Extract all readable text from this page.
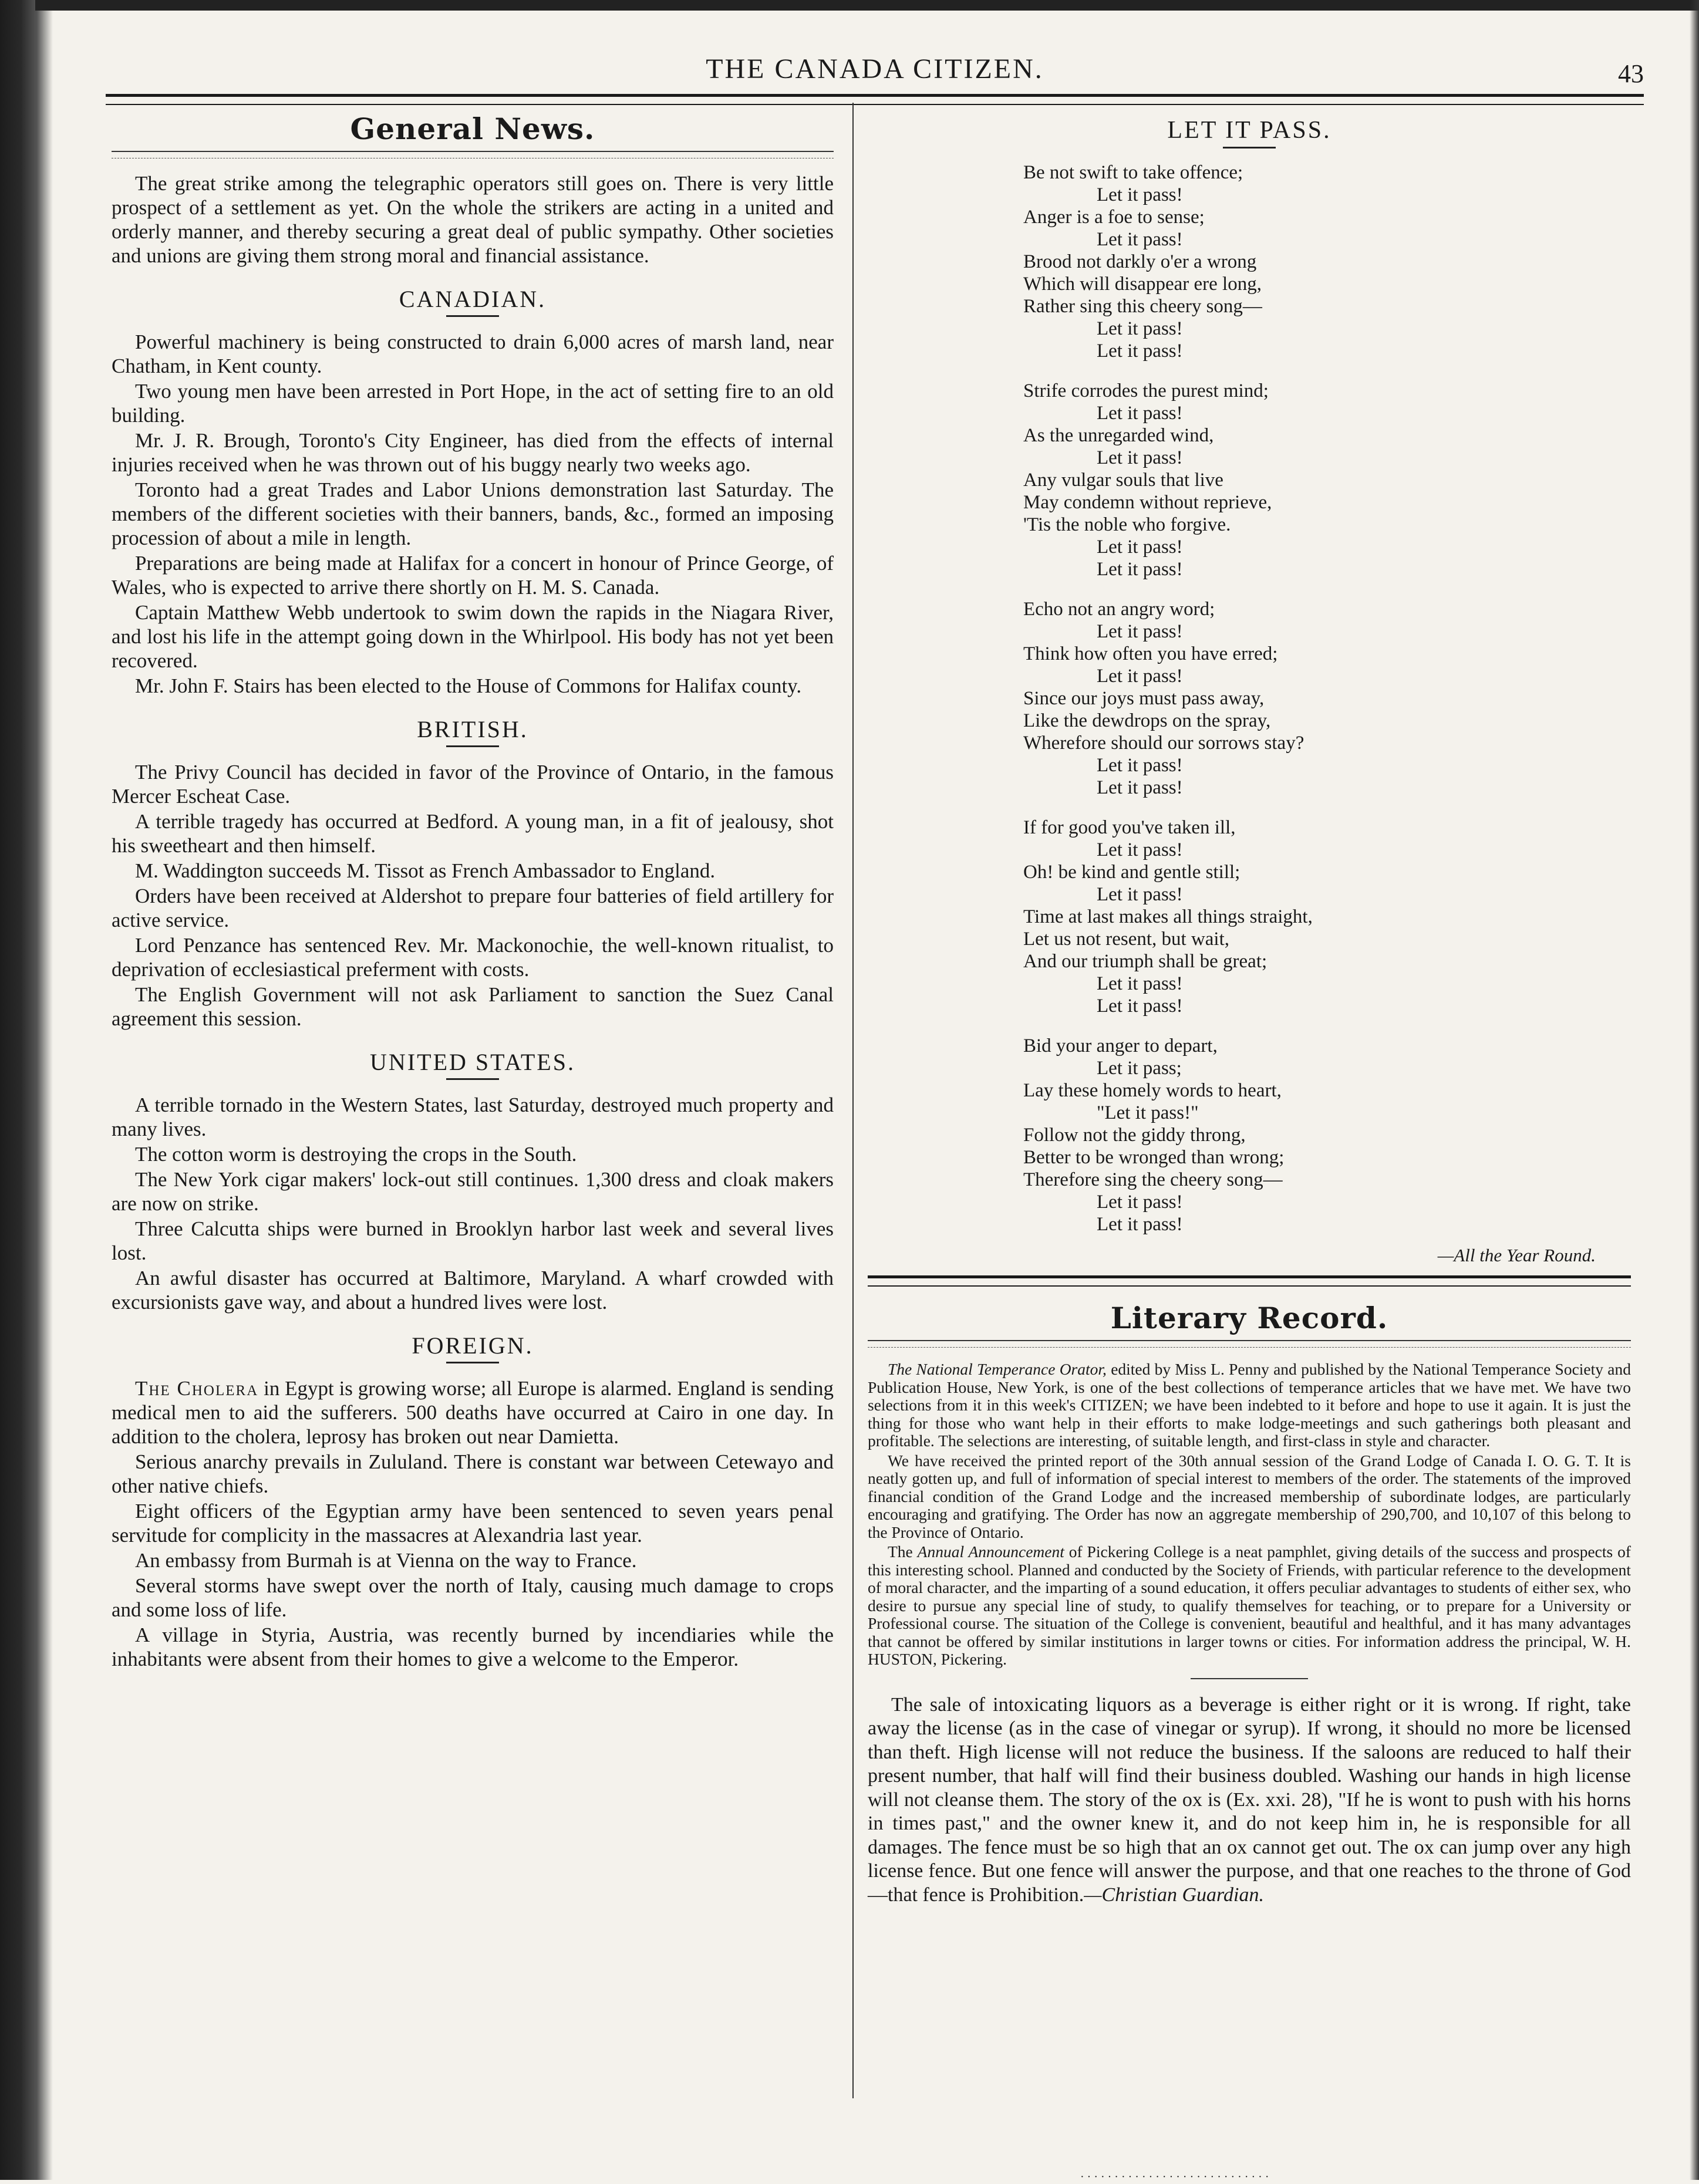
THE CANADA CITIZEN.	43
General News.

The great strike among the telegraphic operators still goes on. There is very little prospect of a settlement as yet. On the whole the strikers are acting in a united and orderly manner, and thereby securing a great deal of public sympathy. Other societies and unions are giving them strong moral and financial assistance.

CANADIAN.

Powerful machinery is being constructed to drain 6,000 acres of marsh land, near Chatham, in Kent county.

Two young men have been arrested in Port Hope, in the act of setting fire to an old building.

Mr. J. R. Brough, Toronto's City Engineer, has died from the effects of internal injuries received when he was thrown out of his buggy nearly two weeks ago.

Toronto had a great Trades and Labor Unions demonstration last Saturday. The members of the different societies with their banners, bands, &c., formed an imposing procession of about a mile in length.

Preparations are being made at Halifax for a concert in honour of Prince George, of Wales, who is expected to arrive there shortly on H. M. S. Canada.

Captain Matthew Webb undertook to swim down the rapids in the Niagara River, and lost his life in the attempt going down in the Whirlpool. His body has not yet been recovered.

Mr. John F. Stairs has been elected to the House of Commons for Halifax county.

BRITISH.

The Privy Council has decided in favor of the Province of Ontario, in the famous Mercer Escheat Case.

A terrible tragedy has occurred at Bedford. A young man, in a fit of jealousy, shot his sweetheart and then himself.

M. Waddington succeeds M. Tissot as French Ambassador to England.

Orders have been received at Aldershot to prepare four batteries of field artillery for active service.

Lord Penzance has sentenced Rev. Mr. Mackonochie, the well-known ritualist, to deprivation of ecclesiastical preferment with costs.

The English Government will not ask Parliament to sanction the Suez Canal agreement this session.

UNITED STATES.

A terrible tornado in the Western States, last Saturday, destroyed much property and many lives.

The cotton worm is destroying the crops in the South.

The New York cigar makers' lock-out still continues. 1,300 dress and cloak makers are now on strike.

Three Calcutta ships were burned in Brooklyn harbor last week and several lives lost.

An awful disaster has occurred at Baltimore, Maryland. A wharf crowded with excursionists gave way, and about a hundred lives were lost.

FOREIGN.

The Cholera in Egypt is growing worse; all Europe is alarmed. England is sending medical men to aid the sufferers. 500 deaths have occurred at Cairo in one day. In addition to the cholera, leprosy has broken out near Damietta.

Serious anarchy prevails in Zululand. There is constant war between Cetewayo and other native chiefs.

Eight officers of the Egyptian army have been sentenced to seven years penal servitude for complicity in the massacres at Alexandria last year.

An embassy from Burmah is at Vienna on the way to France.

Several storms have swept over the north of Italy, causing much damage to crops and some loss of life.

A village in Styria, Austria, was recently burned by incendiaries while the inhabitants were absent from their homes to give a welcome to the Emperor.

LET IT PASS.
Be not swift to take offence;
Let it pass!
Anger is a foe to sense;
Let it pass!
Brood not darkly o'er a wrong
Which will disappear ere long,
Rather sing this cheery song—
Let it pass!
Let it pass!
Strife corrodes the purest mind;
Let it pass!
As the unregarded wind,
Let it pass!
Any vulgar souls that live
May condemn without reprieve,
'Tis the noble who forgive.
Let it pass!
Let it pass!
Echo not an angry word;
Let it pass!
Think how often you have erred;
Let it pass!
Since our joys must pass away,
Like the dewdrops on the spray,
Wherefore should our sorrows stay?
Let it pass!
Let it pass!
If for good you've taken ill,
Let it pass!
Oh! be kind and gentle still;
Let it pass!
Time at last makes all things straight,
Let us not resent, but wait,
And our triumph shall be great;
Let it pass!
Let it pass!
Bid your anger to depart,
Let it pass;
Lay these homely words to heart,
"Let it pass!"
Follow not the giddy throng,
Better to be wronged than wrong;
Therefore sing the cheery song—
Let it pass!
Let it pass!
—All the Year Round.
Literary Record.

The National Temperance Orator, edited by Miss L. Penny and published by the National Temperance Society and Publication House, New York, is one of the best collections of temperance articles that we have met. We have two selections from it in this week's CITIZEN; we have been indebted to it before and hope to use it again. It is just the thing for those who want help in their efforts to make lodge-meetings and such gatherings both pleasant and profitable. The selections are interesting, of suitable length, and first-class in style and character.

We have received the printed report of the 30th annual session of the Grand Lodge of Canada I. O. G. T. It is neatly gotten up, and full of information of special interest to members of the order. The statements of the improved financial condition of the Grand Lodge and the increased membership of subordinate lodges, are particularly encouraging and gratifying. The Order has now an aggregate membership of 290,700, and 10,107 of this belong to the Province of Ontario.

The Annual Announcement of Pickering College is a neat pamphlet, giving details of the success and prospects of this interesting school. Planned and conducted by the Society of Friends, with particular reference to the development of moral character, and the imparting of a sound education, it offers peculiar advantages to students of either sex, who desire to pursue any special line of study, to qualify themselves for teaching, or to prepare for a University or Professional course. The situation of the College is convenient, beautiful and healthful, and it has many advantages that cannot be offered by similar institutions in larger towns or cities. For information address the principal, W. H. HUSTON, Pickering.

The sale of intoxicating liquors as a beverage is either right or it is wrong. If right, take away the license (as in the case of vinegar or syrup). If wrong, it should no more be licensed than theft. High license will not reduce the business. If the saloons are reduced to half their present number, that half will find their business doubled. Washing our hands in high license will not cleanse them. The story of the ox is (Ex. xxi. 28), "If he is wont to push with his horns in times past," and the owner knew it, and do not keep him in, he is responsible for all damages. The fence must be so high that an ox cannot get out. The ox can jump over any high license fence. But one fence will answer the purpose, and that one reaches to the throne of God—that fence is Prohibition.—Christian Guardian.

· · · · · · · · · · · · · · · · · · · · · · · · · · · ·
